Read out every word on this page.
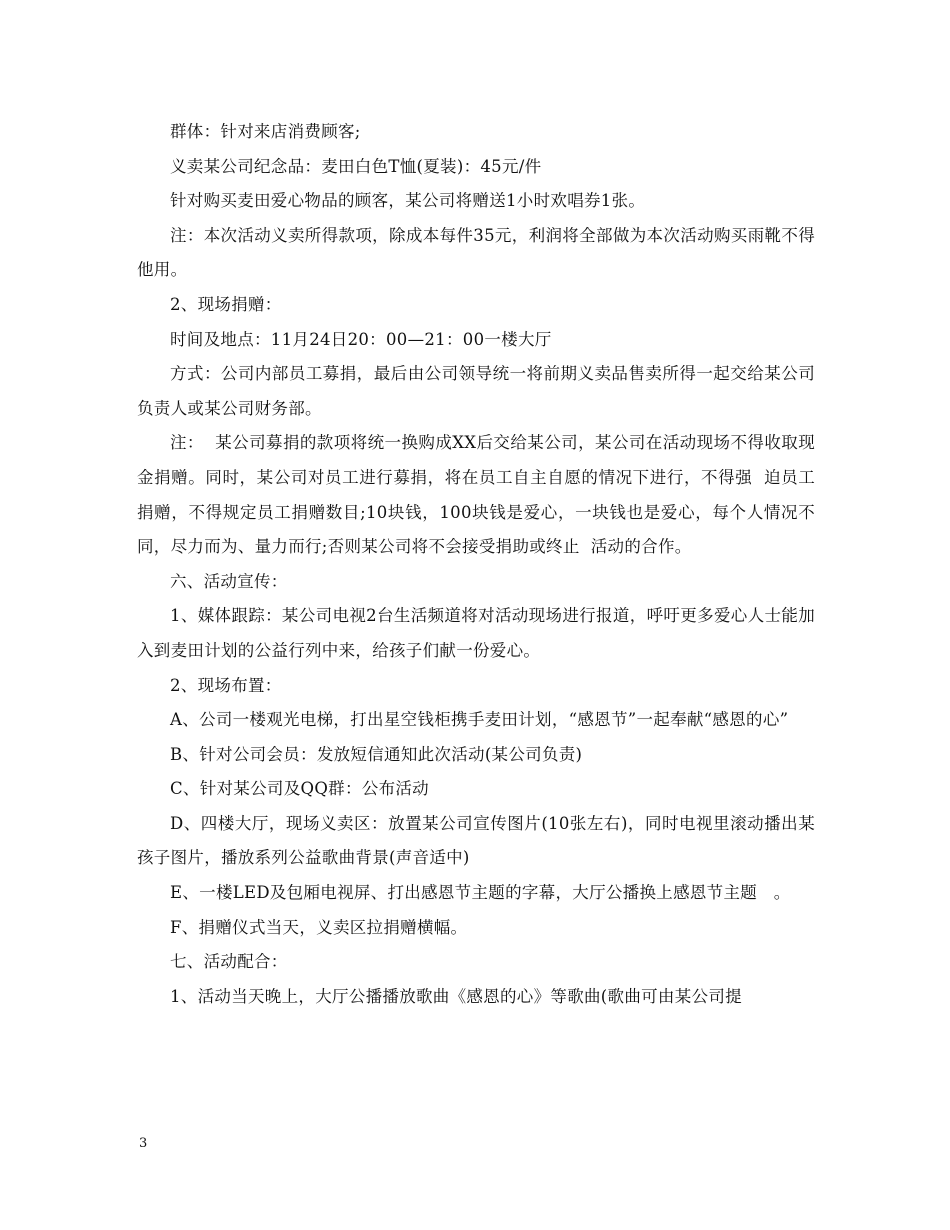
群体：针对来店消费顾客;

义卖某公司纪念品：麦田白色T恤(夏装)：45元/件

针对购买麦田爱心物品的顾客，某公司将赠送1小时欢唱券1张。

注：本次活动义卖所得款项，除成本每件35元，利润将全部做为本次活动购买雨靴不得他用。

2、现场捐赠：

时间及地点：11月24日20：00—21：00一楼大厅

方式：公司内部员工募捐，最后由公司领导统一将前期义卖品售卖所得一起交给某公司负责人或某公司财务部。

注：  某公司募捐的款项将统一换购成XX后交给某公司，某公司在活动现场不得收取现金捐赠。同时，某公司对员工进行募捐，将在员工自主自愿的情况下进行，不得强  迫员工捐赠，不得规定员工捐赠数目;10块钱，100块钱是爱心，一块钱也是爱心，每个人情况不同，尽力而为、量力而行;否则某公司将不会接受捐助或终止  活动的合作。

六、活动宣传：

1、媒体跟踪：某公司电视2台生活频道将对活动现场进行报道，呼吁更多爱心人士能加入到麦田计划的公益行列中来，给孩子们献一份爱心。

2、现场布置：

A、公司一楼观光电梯，打出星空钱柜携手麦田计划，“感恩节”一起奉献“感恩的心”

B、针对公司会员：发放短信通知此次活动(某公司负责)

C、针对某公司及QQ群：公布活动

D、四楼大厅，现场义卖区：放置某公司宣传图片(10张左右)，同时电视里滚动播出某孩子图片，播放系列公益歌曲背景(声音适中)

E、一楼LED及包厢电视屏、打出感恩节主题的字幕，大厅公播换上感恩节主题   。

F、捐赠仪式当天，义卖区拉捐赠横幅。

七、活动配合：

1、活动当天晚上，大厅公播播放歌曲《感恩的心》等歌曲(歌曲可由某公司提

3
